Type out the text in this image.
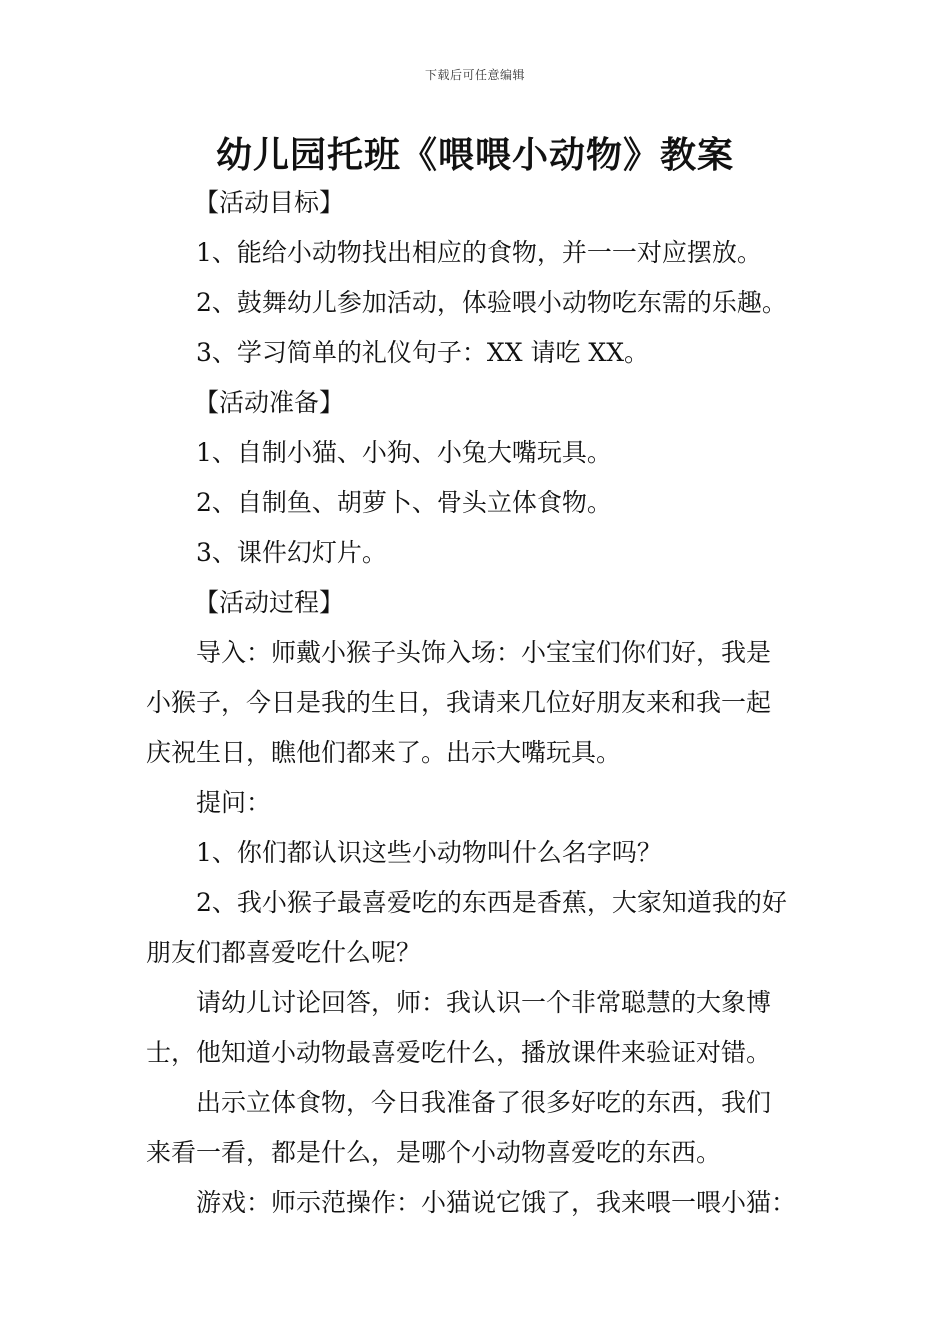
下载后可任意编辑
幼儿园托班《喂喂小动物》教案
【活动目标】
1、能给小动物找出相应的食物，并一一对应摆放。
2、鼓舞幼儿参加活动，体验喂小动物吃东需的乐趣。
3、学习简单的礼仪句子：XX 请吃 XX。
【活动准备】
1、自制小猫、小狗、小兔大嘴玩具。
2、自制鱼、胡萝卜、骨头立体食物。
3、课件幻灯片。
【活动过程】
导入：师戴小猴子头饰入场：小宝宝们你们好，我是
小猴子，今日是我的生日，我请来几位好朋友来和我一起
庆祝生日，瞧他们都来了。出示大嘴玩具。
提问：
1、你们都认识这些小动物叫什么名字吗？
2、我小猴子最喜爱吃的东西是香蕉，大家知道我的好
朋友们都喜爱吃什么呢？
请幼儿讨论回答，师：我认识一个非常聪慧的大象博
士，他知道小动物最喜爱吃什么，播放课件来验证对错。
出示立体食物，今日我准备了很多好吃的东西，我们
来看一看，都是什么，是哪个小动物喜爱吃的东西。
游戏：师示范操作：小猫说它饿了，我来喂一喂小猫：
